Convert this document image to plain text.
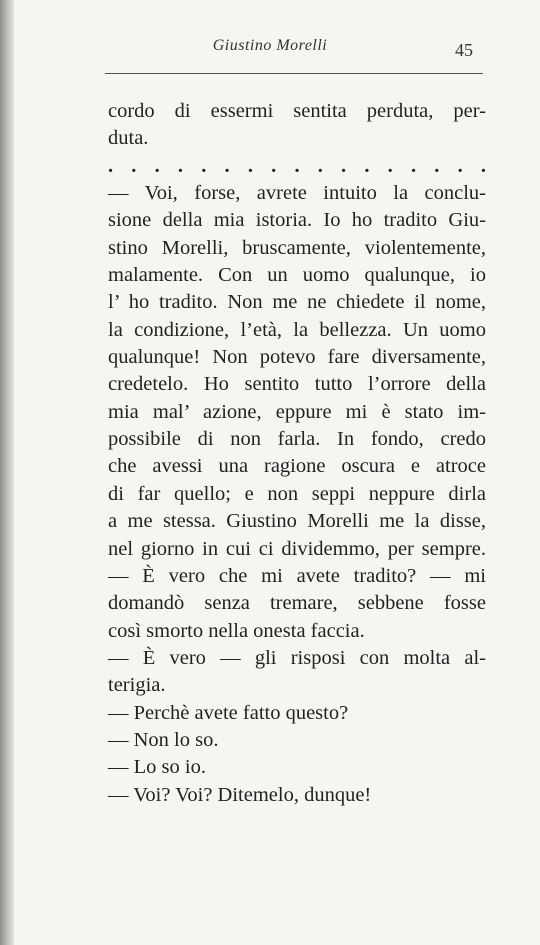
Giustino Morelli	45
cordo di essermi sentita perduta, per-
duta.
. . . . . . . . . . . . . . . . .
— Voi, forse, avrete intuito la conclu-
sione della mia istoria. Io ho tradito Giu-
stino Morelli, bruscamente, violentemente,
malamente. Con un uomo qualunque, io
l’ ho tradito. Non me ne chiedete il nome,
la condizione, l’età, la bellezza. Un uomo
qualunque! Non potevo fare diversamente,
credetelo. Ho sentito tutto l’orrore della
mia mal’ azione, eppure mi è stato im-
possibile di non farla. In fondo, credo
che avessi una ragione oscura e atroce
di far quello; e non seppi neppure dirla
a me stessa. Giustino Morelli me la disse,
nel giorno in cui ci dividemmo, per sempre.
— È vero che mi avete tradito? — mi
domandò senza tremare, sebbene fosse
così smorto nella onesta faccia.
— È vero — gli risposi con molta al-
terigia.
— Perchè avete fatto questo?
— Non lo so.
— Lo so io.
— Voi? Voi? Ditemelo, dunque!
